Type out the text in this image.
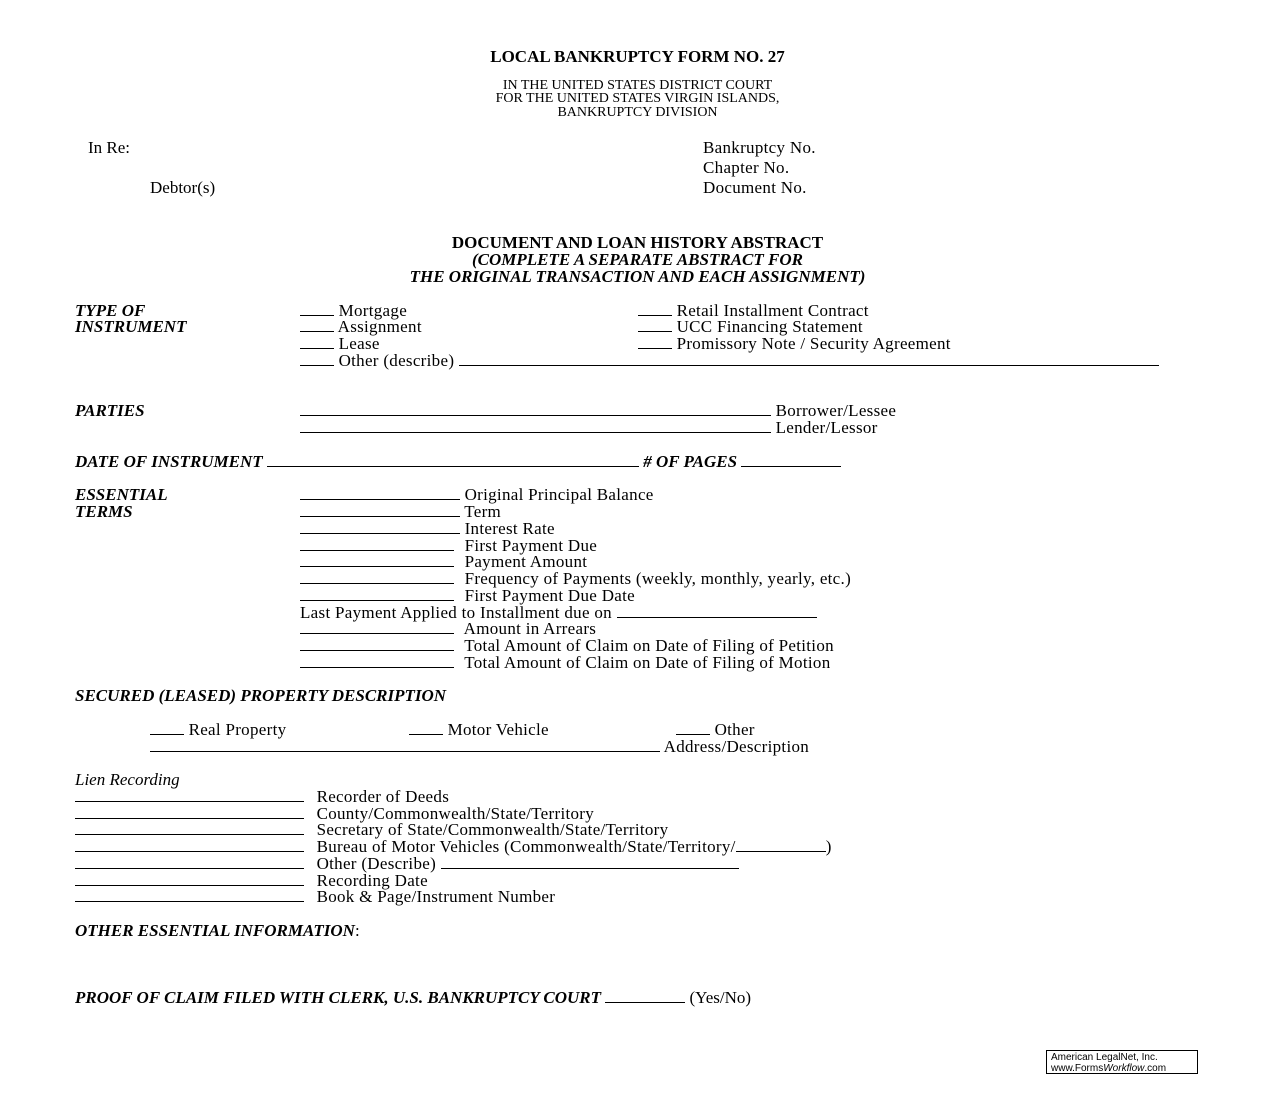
LOCAL BANKRUPTCY FORM NO. 27
IN THE UNITED STATES DISTRICT COURT
FOR THE UNITED STATES VIRGIN ISLANDS,
BANKRUPTCY DIVISION
In Re:
Debtor(s)
Bankruptcy No.
Chapter No.
Document No.
DOCUMENT AND LOAN HISTORY ABSTRACT
(COMPLETE A SEPARATE ABSTRACT FOR
THE ORIGINAL TRANSACTION AND EACH ASSIGNMENT)
TYPE OF
INSTRUMENT
Mortgage
Assignment
Lease
Other (describe)
Retail Installment Contract
UCC Financing Statement
Promissory Note / Security Agreement
PARTIES	Borrower/Lessee
Lender/Lessor
DATE OF INSTRUMENT	# OF PAGES
ESSENTIAL
TERMS
Original Principal Balance
Term
Interest Rate
First Payment Due
Payment Amount
Frequency of Payments (weekly, monthly, yearly, etc.)
First Payment Due Date
Last Payment Applied to Installment due on
Amount in Arrears
Total Amount of Claim on Date of Filing of Petition
Total Amount of Claim on Date of Filing of Motion
SECURED (LEASED) PROPERTY DESCRIPTION
Real Property	Motor Vehicle	Other
Address/Description
Lien Recording
Recorder of Deeds
County/Commonwealth/State/Territory
Secretary of State/Commonwealth/State/Territory
Bureau of Motor Vehicles (Commonwealth/State/Territory/	)
Other (Describe)
Recording Date
Book & Page/Instrument Number
OTHER ESSENTIAL INFORMATION:
PROOF OF CLAIM FILED WITH CLERK, U.S. BANKRUPTCY COURT	(Yes/No)
American LegalNet, Inc.
www.FormsWorkflow.com
